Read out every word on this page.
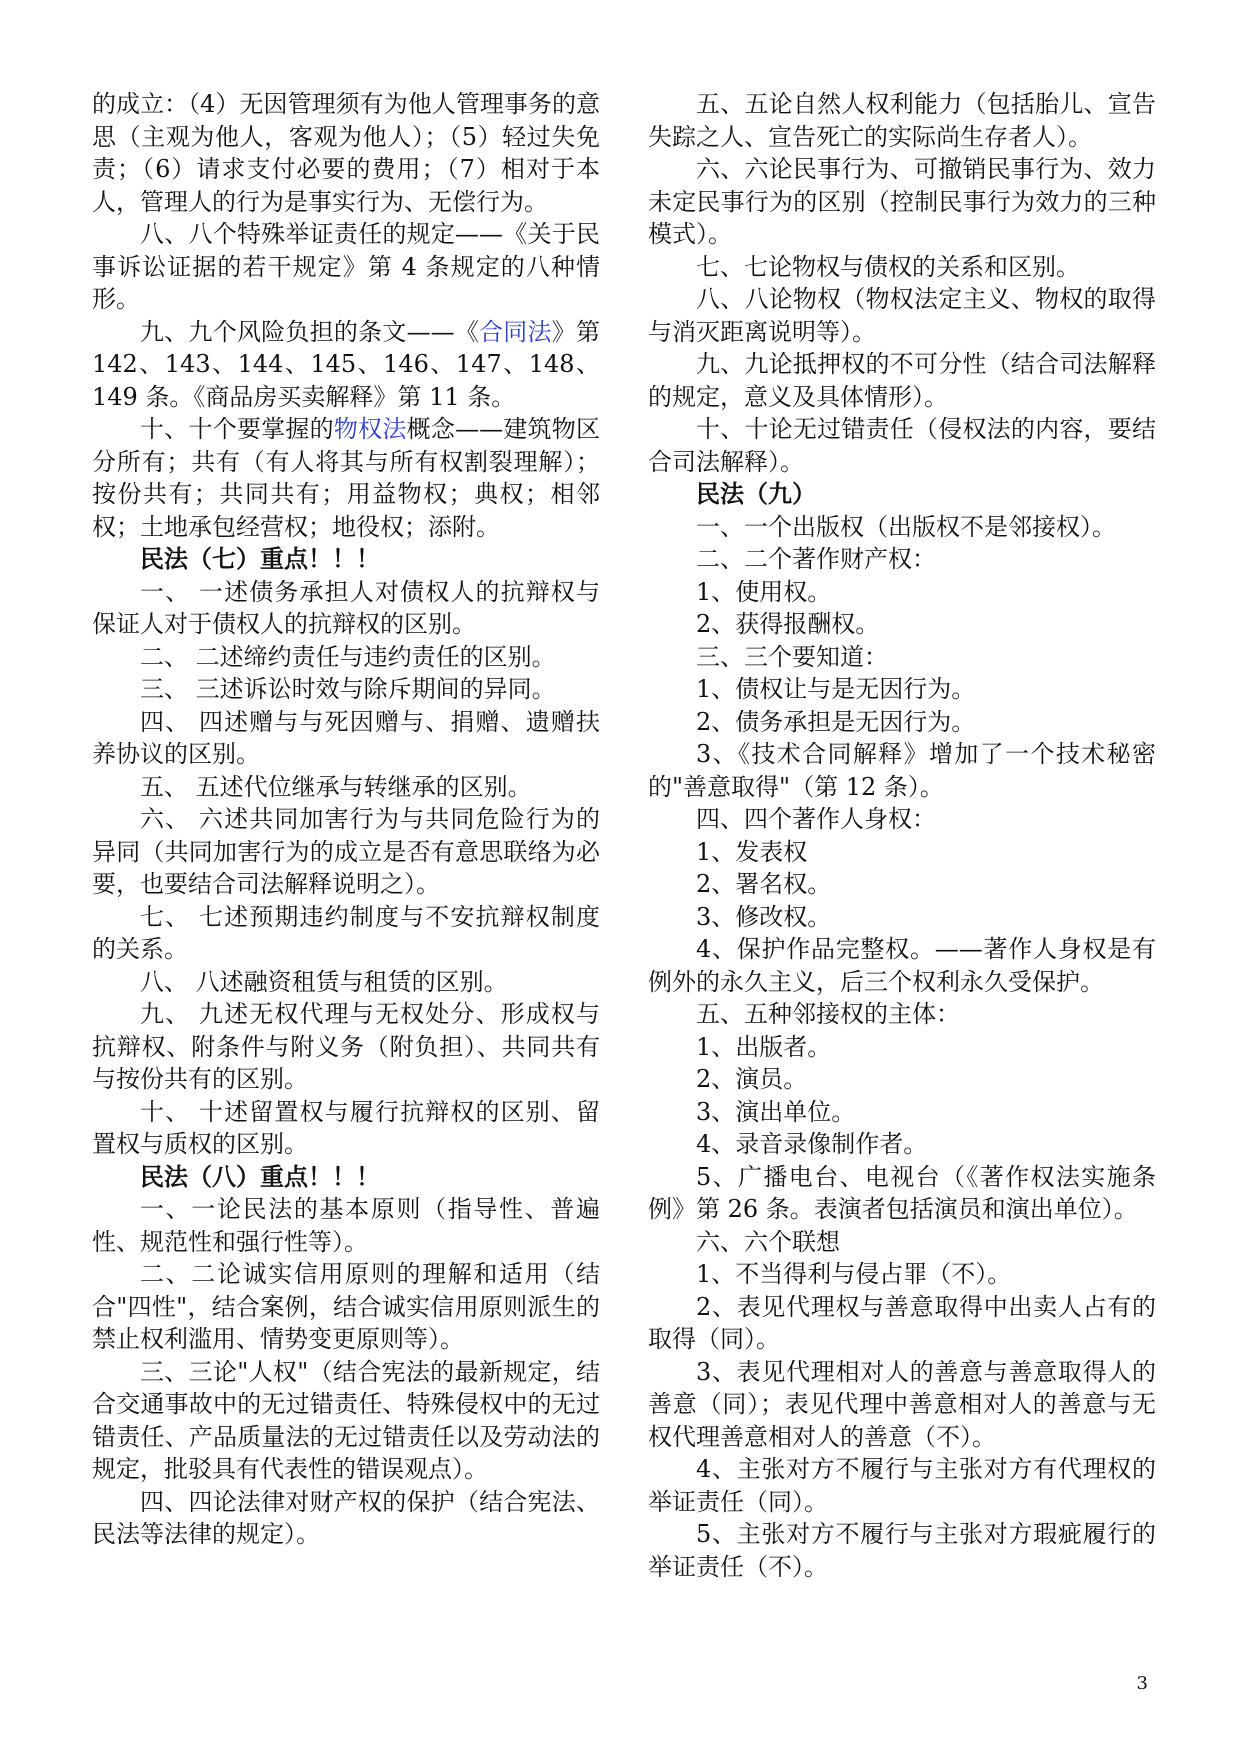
的成立：（4）无因管理须有为他人管理事务的意思（主观为他人，客观为他人）；（5）轻过失免责；（6）请求支付必要的费用；（7）相对于本人，管理人的行为是事实行为、无偿行为。

八、八个特殊举证责任的规定——《关于民事诉讼证据的若干规定》第 4 条规定的八种情形。

九、九个风险负担的条文——《合同法》第 142、143、144、145、146、147、148、149 条。《商品房买卖解释》第 11 条。

十、十个要掌握的物权法概念——建筑物区分所有；共有（有人将其与所有权割裂理解）；按份共有；共同共有；用益物权；典权；相邻权；土地承包经营权；地役权；添附。

民法（七）重点！！！

一、 一述债务承担人对债权人的抗辩权与保证人对于债权人的抗辩权的区别。

二、 二述缔约责任与违约责任的区别。

三、 三述诉讼时效与除斥期间的异同。

四、 四述赠与与死因赠与、捐赠、遗赠扶养协议的区别。

五、 五述代位继承与转继承的区别。

六、 六述共同加害行为与共同危险行为的异同（共同加害行为的成立是否有意思联络为必要，也要结合司法解释说明之）。

七、 七述预期违约制度与不安抗辩权制度的关系。

八、 八述融资租赁与租赁的区别。

九、 九述无权代理与无权处分、形成权与抗辩权、附条件与附义务（附负担）、共同共有与按份共有的区别。

十、 十述留置权与履行抗辩权的区别、留置权与质权的区别。

民法（八）重点！！！

一、一论民法的基本原则（指导性、普遍性、规范性和强行性等）。

二、二论诚实信用原则的理解和适用（结合"四性"，结合案例，结合诚实信用原则派生的禁止权利滥用、情势变更原则等）。

三、三论"人权"（结合宪法的最新规定，结合交通事故中的无过错责任、特殊侵权中的无过错责任、产品质量法的无过错责任以及劳动法的规定，批驳具有代表性的错误观点）。

四、四论法律对财产权的保护（结合宪法、民法等法律的规定）。

五、五论自然人权利能力（包括胎儿、宣告失踪之人、宣告死亡的实际尚生存者人）。

六、六论民事行为、可撤销民事行为、效力未定民事行为的区别（控制民事行为效力的三种模式）。

七、七论物权与债权的关系和区别。

八、八论物权（物权法定主义、物权的取得与消灭距离说明等）。

九、九论抵押权的不可分性（结合司法解释的规定，意义及具体情形）。

十、十论无过错责任（侵权法的内容，要结合司法解释）。

民法（九）

一、一个出版权（出版权不是邻接权）。

二、二个著作财产权：

1、使用权。

2、获得报酬权。

三、三个要知道：

1、债权让与是无因行为。

2、债务承担是无因行为。

3、《技术合同解释》增加了一个技术秘密的"善意取得"（第 12 条）。

四、四个著作人身权：

1、发表权

2、署名权。

3、修改权。

4、保护作品完整权。——著作人身权是有例外的永久主义，后三个权利永久受保护。

五、五种邻接权的主体：

1、出版者。

2、演员。

3、演出单位。

4、录音录像制作者。

5、广播电台、电视台（《著作权法实施条例》第 26 条。表演者包括演员和演出单位）。

六、六个联想

1、不当得利与侵占罪（不）。

2、表见代理权与善意取得中出卖人占有的取得（同）。

3、表见代理相对人的善意与善意取得人的善意（同）；表见代理中善意相对人的善意与无权代理善意相对人的善意（不）。

4、主张对方不履行与主张对方有代理权的举证责任（同）。

5、主张对方不履行与主张对方瑕疵履行的举证责任（不）。

3
